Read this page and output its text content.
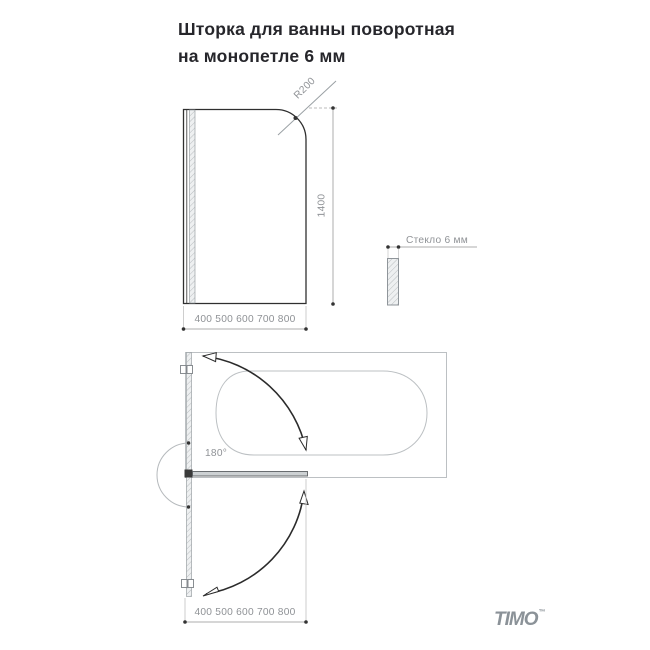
Шторка для ванны поворотная
на монопетле 6 мм
R200
1400
400 500 600 700 800
Стекло 6 мм
180°
400 500 600 700 800	TIMO™
